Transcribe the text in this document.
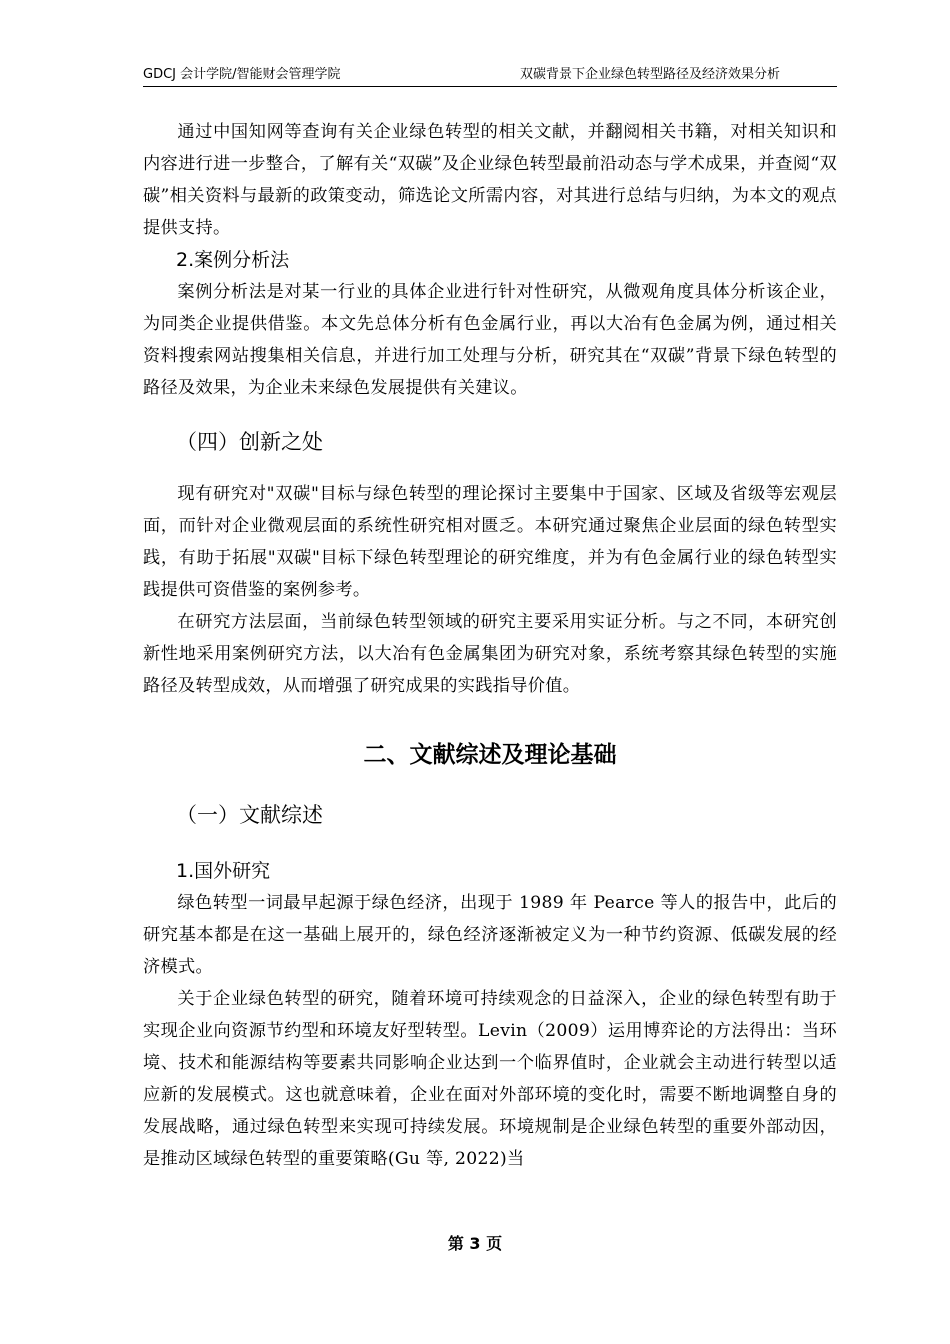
GDCJ 会计学院/智能财会管理学院	双碳背景下企业绿色转型路径及经济效果分析

通过中国知网等查询有关企业绿色转型的相关文献，并翻阅相关书籍，对相关知识和内容进行进一步整合，了解有关“双碳”及企业绿色转型最前沿动态与学术成果，并查阅“双碳”相关资料与最新的政策变动，筛选论文所需内容，对其进行总结与归纳，为本文的观点提供支持。

2.案例分析法

案例分析法是对某一行业的具体企业进行针对性研究，从微观角度具体分析该企业，为同类企业提供借鉴。本文先总体分析有色金属行业，再以大冶有色金属为例，通过相关资料搜索网站搜集相关信息，并进行加工处理与分析，研究其在“双碳”背景下绿色转型的路径及效果，为企业未来绿色发展提供有关建议。

（四）创新之处

现有研究对"双碳"目标与绿色转型的理论探讨主要集中于国家、区域及省级等宏观层面，而针对企业微观层面的系统性研究相对匮乏。本研究通过聚焦企业层面的绿色转型实践，有助于拓展"双碳"目标下绿色转型理论的研究维度，并为有色金属行业的绿色转型实践提供可资借鉴的案例参考。

在研究方法层面，当前绿色转型领域的研究主要采用实证分析。与之不同，本研究创新性地采用案例研究方法，以大冶有色金属集团为研究对象，系统考察其绿色转型的实施路径及转型成效，从而增强了研究成果的实践指导价值。

二、文献综述及理论基础

（一）文献综述

1.国外研究

绿色转型一词最早起源于绿色经济，出现于 1989 年 Pearce 等人的报告中，此后的研究基本都是在这一基础上展开的，绿色经济逐渐被定义为一种节约资源、低碳发展的经济模式。

关于企业绿色转型的研究，随着环境可持续观念的日益深入，企业的绿色转型有助于实现企业向资源节约型和环境友好型转型。Levin（2009）运用博弈论的方法得出：当环境、技术和能源结构等要素共同影响企业达到一个临界值时，企业就会主动进行转型以适应新的发展模式。这也就意味着，企业在面对外部环境的变化时，需要不断地调整自身的发展战略，通过绿色转型来实现可持续发展。环境规制是企业绿色转型的重要外部动因，是推动区域绿色转型的重要策略(Gu 等, 2022)当

第 3 页
